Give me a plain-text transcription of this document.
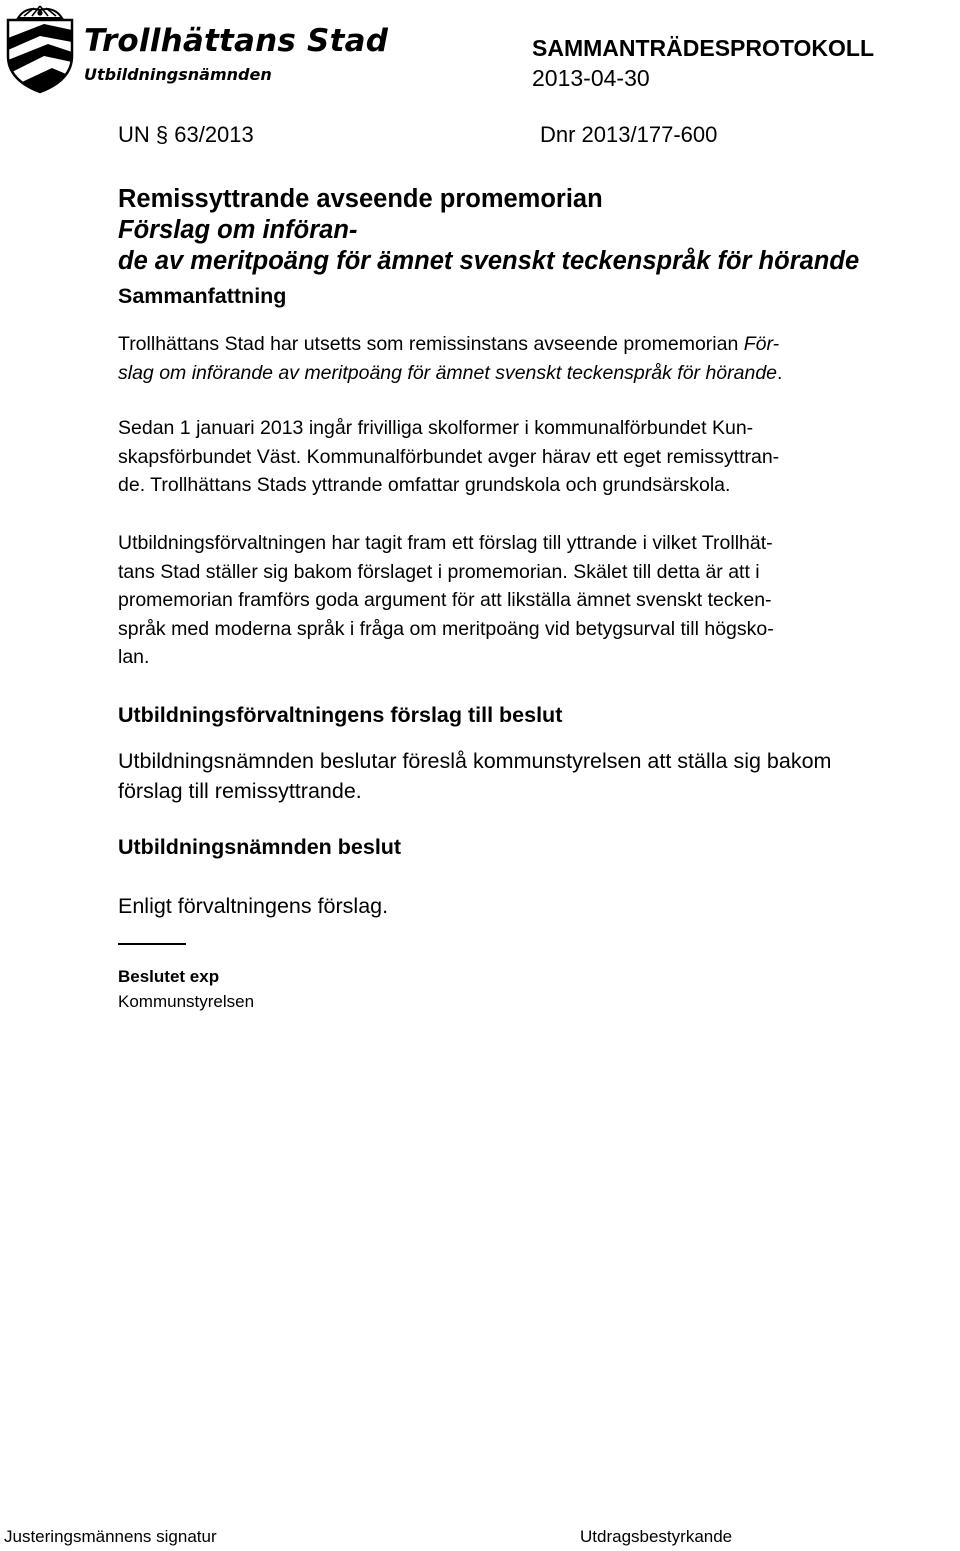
Trollhättans Stad
Utbildningsnämnden
SAMMANTRÄDESPROTOKOLL
2013-04-30
UN § 63/2013	Dnr 2013/177-600
Remissyttrande avseende promemorian
Förslag om införan-
de av meritpoäng för ämnet svenskt teckenspråk för hörande
Sammanfattning
Trollhättans Stad har utsetts som remissinstans avseende promemorian För-
slag om införande av meritpoäng för ämnet svenskt teckenspråk för hörande.
Sedan 1 januari 2013 ingår frivilliga skolformer i kommunalförbundet Kun-
skapsförbundet Väst. Kommunalförbundet avger härav ett eget remissyttran-
de. Trollhättans Stads yttrande omfattar grundskola och grundsärskola.
Utbildningsförvaltningen har tagit fram ett förslag till yttrande i vilket Trollhät-
tans Stad ställer sig bakom förslaget i promemorian. Skälet till detta är att i
promemorian framförs goda argument för att likställa ämnet svenskt tecken-
språk med moderna språk i fråga om meritpoäng vid betygsurval till högsko-
lan.
Utbildningsförvaltningens förslag till beslut
Utbildningsnämnden beslutar föreslå kommunstyrelsen att ställa sig bakom
förslag till remissyttrande.
Utbildningsnämnden beslut
Enligt förvaltningens förslag.
Beslutet exp
Kommunstyrelsen
Justeringsmännens signatur	Utdragsbestyrkande
